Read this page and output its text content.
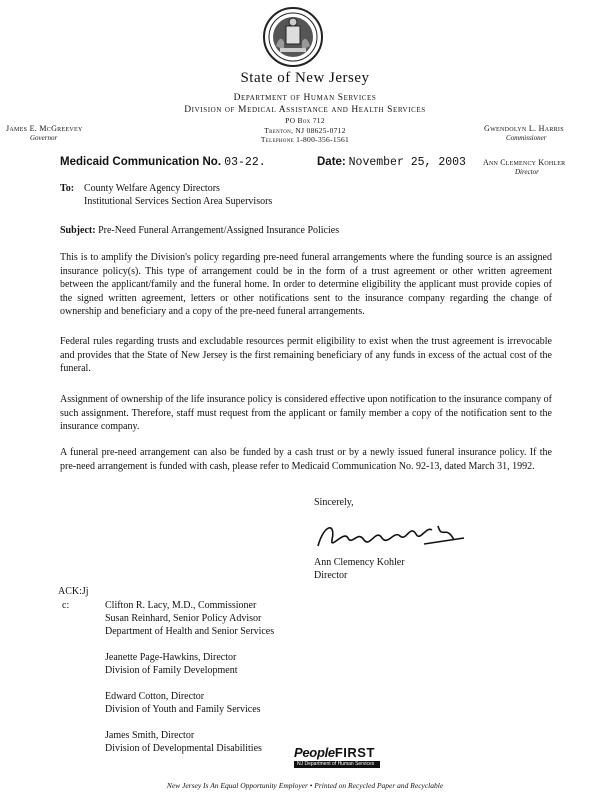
State of New Jersey
Department of Human Services
Division of Medical Assistance and Health Services
PO Box 712
Trenton, NJ 08625-0712
Telephone 1-800-356-1561
James E. McGreevey
Governor
Gwendolyn L. Harris
Commissioner
Medicaid Communication No. 03-22.	Date: November 25, 2003 Ann Clemency Kohler
Director
To: County Welfare Agency Directors
Institutional Services Section Area Supervisors
Subject: Pre-Need Funeral Arrangement/Assigned Insurance Policies

This is to amplify the Division's policy regarding pre-need funeral arrangements where the funding source is an assigned insurance policy(s). This type of arrangement could be in the form of a trust agreement or other written agreement between the applicant/family and the funeral home. In order to determine eligibility the applicant must provide copies of the signed written agreement, letters or other notifications sent to the insurance company regarding the change of ownership and beneficiary and a copy of the pre-need funeral arrangements.

Federal rules regarding trusts and excludable resources permit eligibility to exist when the trust agreement is irrevocable and provides that the State of New Jersey is the first remaining beneficiary of any funds in excess of the actual cost of the funeral.

Assignment of ownership of the life insurance policy is considered effective upon notification to the insurance company of such assignment. Therefore, staff must request from the applicant or family member a copy of the notification sent to the insurance company.

A funeral pre-need arrangement can also be funded by a cash trust or by a newly issued funeral insurance policy. If the pre-need arrangement is funded with cash, please refer to Medicaid Communication No. 92-13, dated March 31, 1992.

Sincerely,
Ann Clemency Kohler
Director
ACK:Jj
c:	Clifton R. Lacy, M.D., Commissioner
Susan Reinhard, Senior Policy Advisor
Department of Health and Senior Services
Jeanette Page-Hawkins, Director
Division of Family Development
Edward Cotton, Director
Division of Youth and Family Services
James Smith, Director
Division of Developmental Disabilities PeopleFIRST
NJ Department of Human Services
New Jersey Is An Equal Opportunity Employer • Printed on Recycled Paper and Recyclable
